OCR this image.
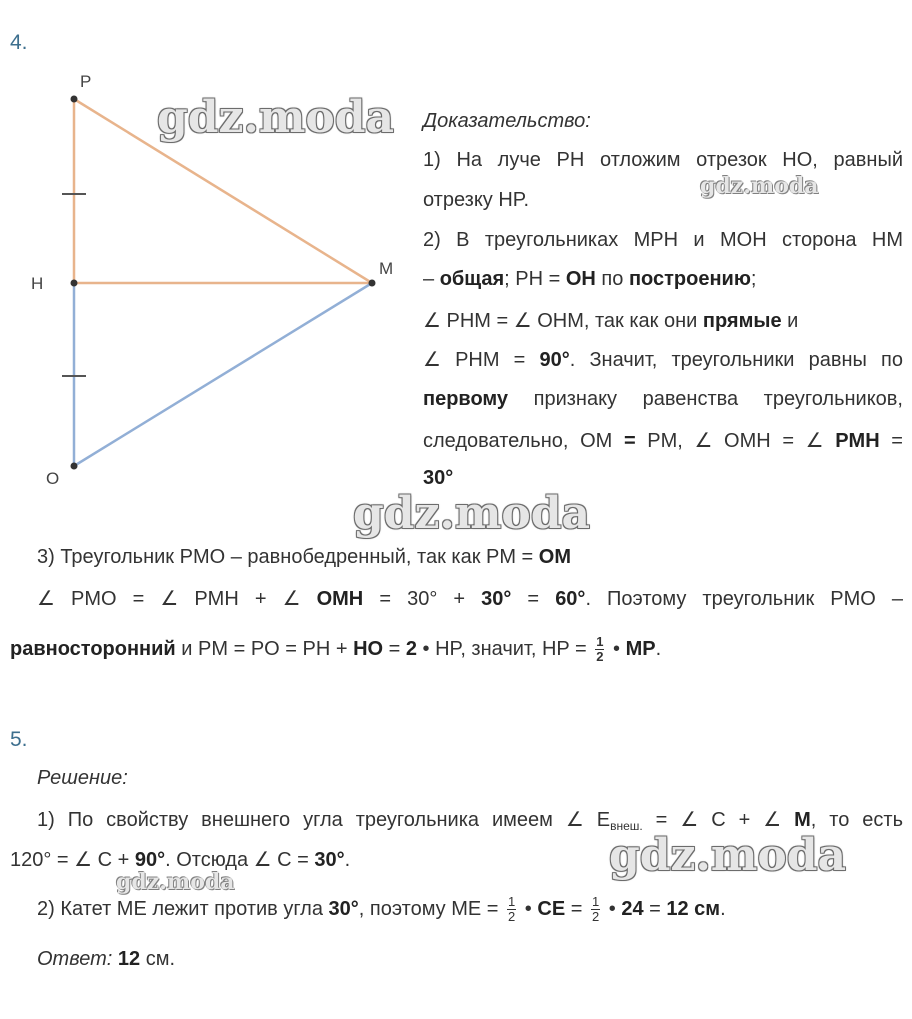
4.
P
H
M
O
Доказательство:
1) На луче PH отложим отрезок HO, равный
отрезку HP.
2) В треугольниках MPH и MOH сторона HM
– общая; PH = OH по построению;
∠ PHM = ∠ OHM, так как они прямые и
∠ PHM = 90°. Значит, треугольники равны по
первому признаку равенства треугольников,
следовательно, OM = PM, ∠ OMH = ∠ PMH =
30°
3) Треугольник PMO – равнобедренный, так как PM = OM
∠ PMO = ∠ PMH + ∠ OMH = 30° + 30° = 60°. Поэтому треугольник PMO –
равносторонний и PM = PO = PH + HO = 2 • HP, значит, HP = $\frac{1}{2}$ • MP.
5.
Решение:
1) По свойству внешнего угла треугольника имеем ∠ $E_{внеш.}$ = ∠ C + ∠ M, то есть
120° = ∠ C + 90°. Отсюда ∠ C = 30°.
2) Катет ME лежит против угла 30°, поэтому ME = $\frac{1}{2}$ • CE = $\frac{1}{2}$ • 24 = 12 см.
Ответ: 12 см.
gdz.moda
gdz.moda
gdz.moda
gdz.moda
gdz.moda
